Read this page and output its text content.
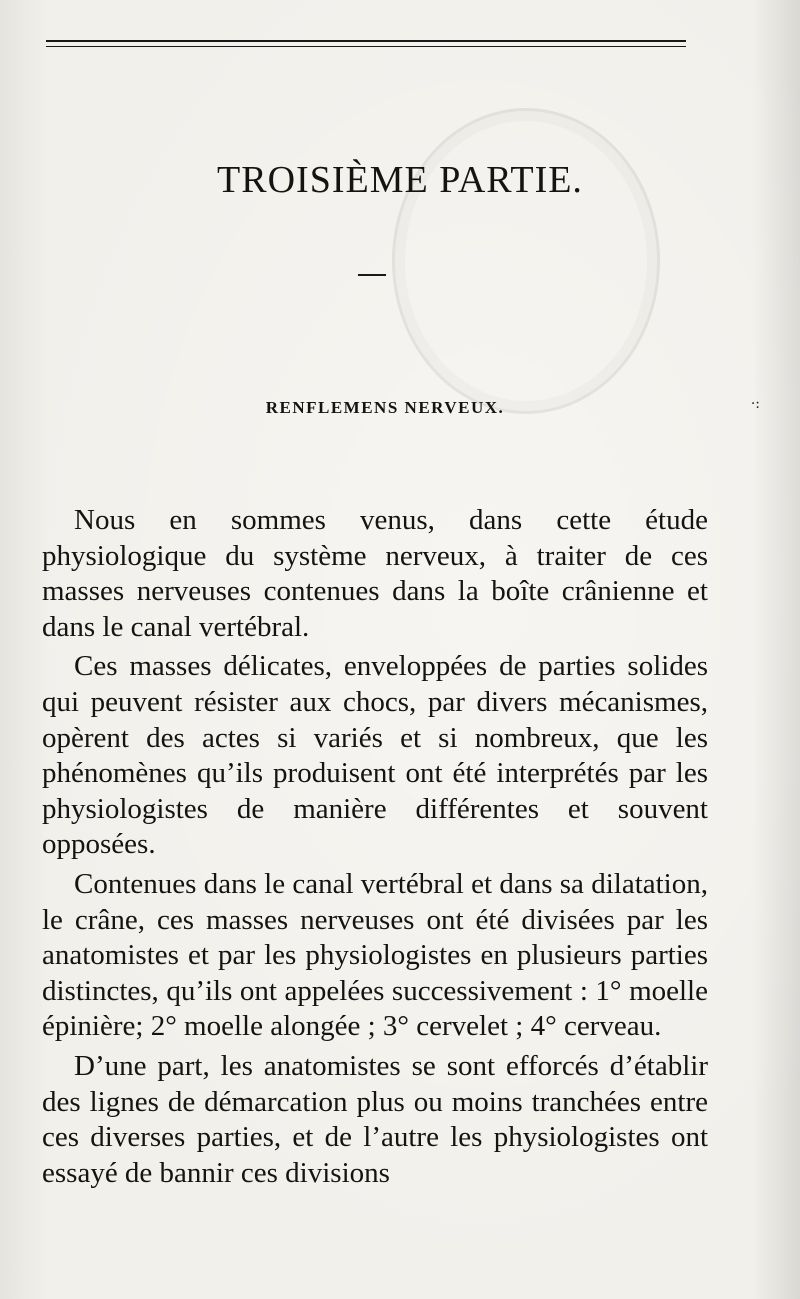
TROISIÈME PARTIE.
RENFLEMENS NERVEUX.	·:

Nous en sommes venus, dans cette étude physiologique du système nerveux, à traiter de ces masses nerveuses contenues dans la boîte crânienne et dans le canal vertébral.

Ces masses délicates, enveloppées de parties solides qui peuvent résister aux chocs, par divers mécanismes, opèrent des actes si variés et si nombreux, que les phénomènes qu’ils produisent ont été interprétés par les physiologistes de manière différentes et souvent opposées.

Contenues dans le canal vertébral et dans sa dilatation, le crâne, ces masses nerveuses ont été divisées par les anatomistes et par les physiologistes en plusieurs parties distinctes, qu’ils ont appelées successivement : 1° moelle épinière; 2° moelle alongée ; 3° cervelet ; 4° cerveau.

D’une part, les anatomistes se sont efforcés d’établir des lignes de démarcation plus ou moins tranchées entre ces diverses parties, et de l’autre les physiologistes ont essayé de bannir ces divisions
